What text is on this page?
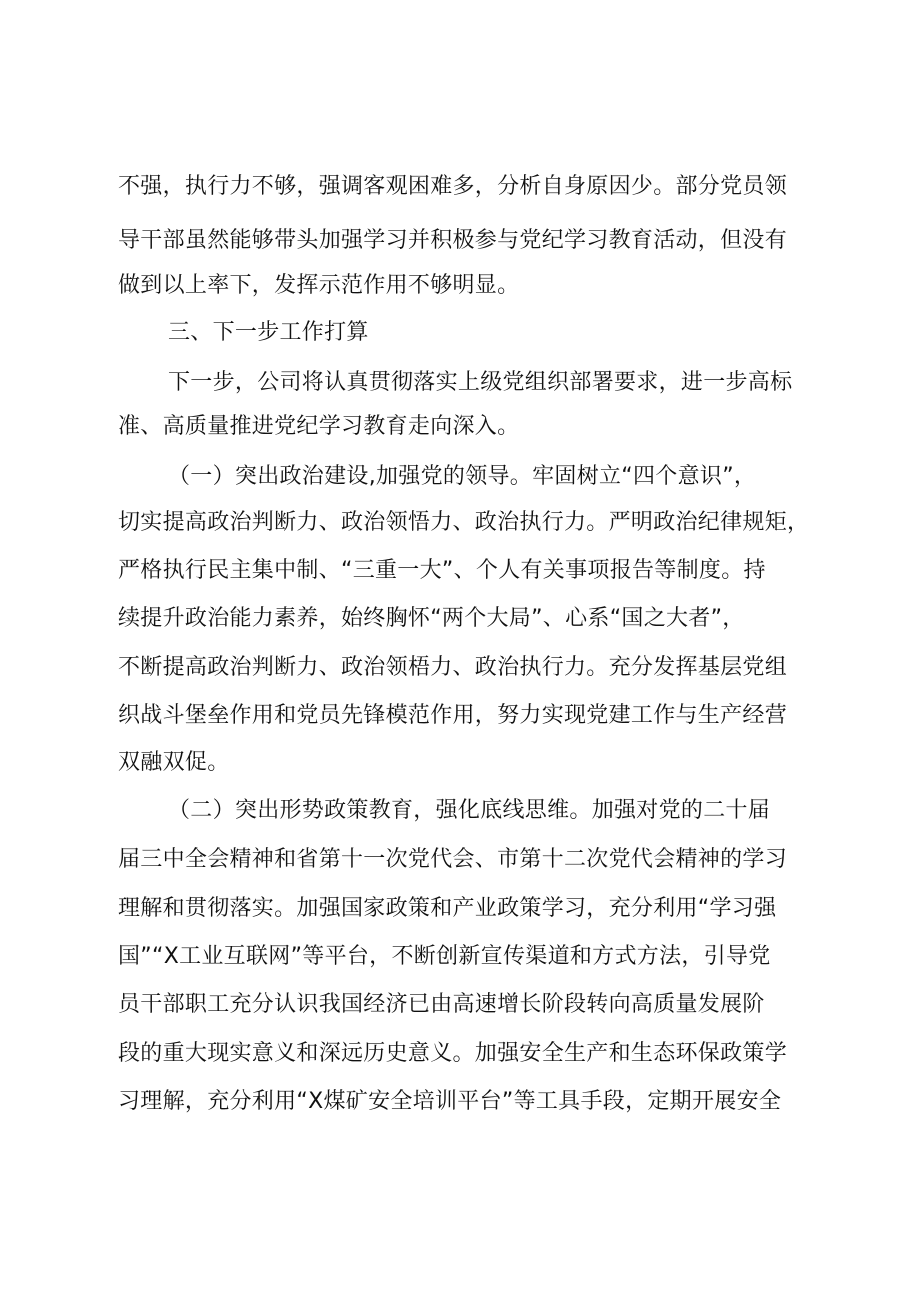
不强，执行力不够，强调客观困难多，分析自身原因少。部分党员领
导干部虽然能够带头加强学习并积极参与党纪学习教育活动，但没有
做到以上率下，发挥示范作用不够明显。
三、下一步工作打算
下一步，公司将认真贯彻落实上级党组织部署要求，进一步高标
准、高质量推进党纪学习教育走向深入。
（一）突出政治建设,加强党的领导。牢固树立“四个意识”，
切实提高政治判断力、政治领悟力、政治执行力。严明政治纪律规矩，
严格执行民主集中制、“三重一大”、个人有关事项报告等制度。持
续提升政治能力素养，始终胸怀“两个大局”、心系“国之大者”，
不断提高政治判断力、政治领梧力、政治执行力。充分发挥基层党组
织战斗堡垒作用和党员先锋模范作用，努力实现党建工作与生产经营
双融双促。
（二）突出形势政策教育，强化底线思维。加强对党的二十届
届三中全会精神和省第十一次党代会、市第十二次党代会精神的学习
理解和贯彻落实。加强国家政策和产业政策学习，充分利用“学习强
国”“X工业互联网”等平台，不断创新宣传渠道和方式方法，引导党
员干部职工充分认识我国经济已由高速增长阶段转向高质量发展阶
段的重大现实意义和深远历史意义。加强安全生产和生态环保政策学
习理解，充分利用“X煤矿安全培训平台”等工具手段，定期开展安全
